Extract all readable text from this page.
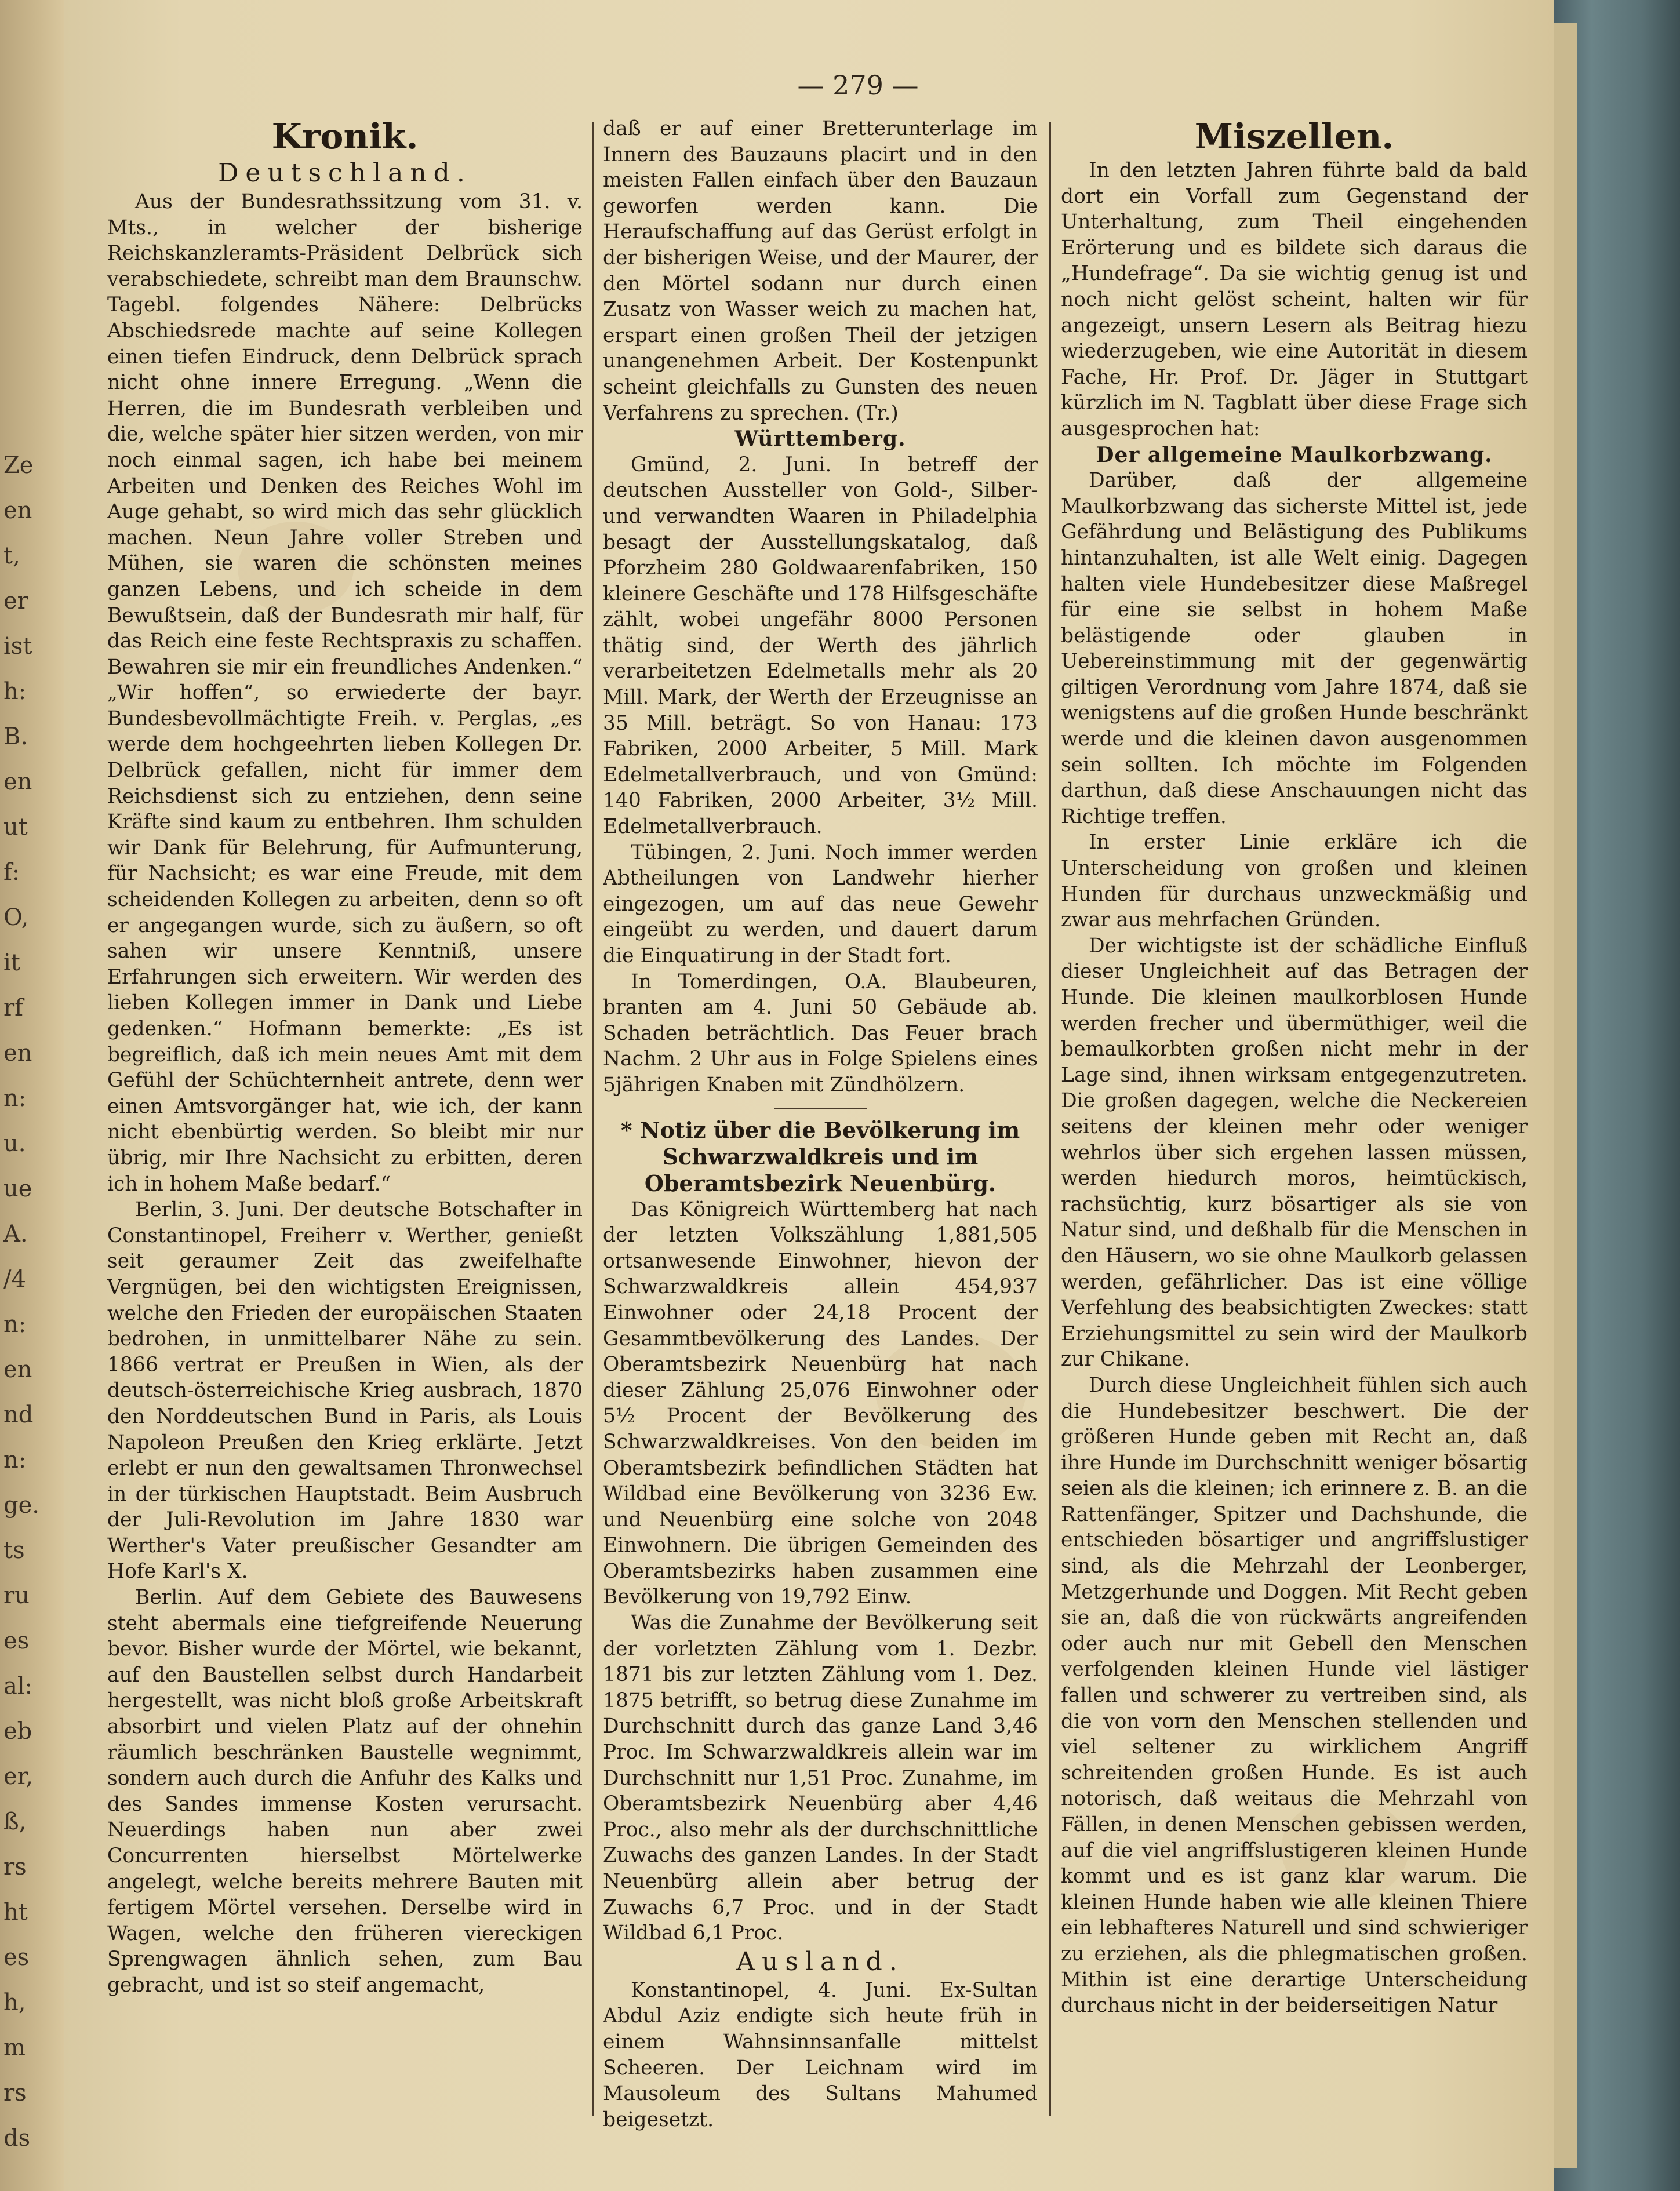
Ze
en
t,
er
ist
h:
B.
en
ut
f:
O,
it
rf
en
n:
u.
ue
A.
/4
n:
en
nd
n:
ge.
ts
ru
es
al:
eb
er,
ß,
rs
ht
es
h,
m
rs
ds
— 279 —
Kronik.
Deutschland.

Aus der Bundesrathssitzung vom 31. v. Mts., in welcher der bisherige Reichskanzleramts-Präsident Delbrück sich verabschiedete, schreibt man dem Braunschw. Tagebl. folgendes Nähere: Delbrücks Abschiedsrede machte auf seine Kollegen einen tiefen Eindruck, denn Delbrück sprach nicht ohne innere Erregung. „Wenn die Herren, die im Bundesrath verbleiben und die, welche später hier sitzen werden, von mir noch einmal sagen, ich habe bei meinem Arbeiten und Denken des Reiches Wohl im Auge gehabt, so wird mich das sehr glücklich machen. Neun Jahre voller Streben und Mühen, sie waren die schönsten meines ganzen Lebens, und ich scheide in dem Bewußtsein, daß der Bundesrath mir half, für das Reich eine feste Rechtspraxis zu schaffen. Bewahren sie mir ein freundliches Andenken.“ „Wir hoffen“, so erwiederte der bayr. Bundesbevollmächtigte Freih. v. Perglas, „es werde dem hochgeehrten lieben Kollegen Dr. Delbrück gefallen, nicht für immer dem Reichsdienst sich zu entziehen, denn seine Kräfte sind kaum zu entbehren. Ihm schulden wir Dank für Belehrung, für Aufmunterung, für Nachsicht; es war eine Freude, mit dem scheidenden Kollegen zu arbeiten, denn so oft er angegangen wurde, sich zu äußern, so oft sahen wir unsere Kenntniß, unsere Erfahrungen sich erweitern. Wir werden des lieben Kollegen immer in Dank und Liebe gedenken.“ Hofmann bemerkte: „Es ist begreiflich, daß ich mein neues Amt mit dem Gefühl der Schüchternheit antrete, denn wer einen Amtsvorgänger hat, wie ich, der kann nicht ebenbürtig werden. So bleibt mir nur übrig, mir Ihre Nachsicht zu erbitten, deren ich in hohem Maße bedarf.“

Berlin, 3. Juni. Der deutsche Botschafter in Constantinopel, Freiherr v. Werther, genießt seit geraumer Zeit das zweifelhafte Vergnügen, bei den wichtigsten Ereignissen, welche den Frieden der europäischen Staaten bedrohen, in unmittelbarer Nähe zu sein. 1866 vertrat er Preußen in Wien, als der deutsch-österreichische Krieg ausbrach, 1870 den Norddeutschen Bund in Paris, als Louis Napoleon Preußen den Krieg erklärte. Jetzt erlebt er nun den gewaltsamen Thronwechsel in der türkischen Hauptstadt. Beim Ausbruch der Juli-Revolution im Jahre 1830 war Werther's Vater preußischer Gesandter am Hofe Karl's X.

Berlin. Auf dem Gebiete des Bauwesens steht abermals eine tiefgreifende Neuerung bevor. Bisher wurde der Mörtel, wie bekannt, auf den Baustellen selbst durch Handarbeit hergestellt, was nicht bloß große Arbeitskraft absorbirt und vielen Platz auf der ohnehin räumlich beschränken Baustelle wegnimmt, sondern auch durch die Anfuhr des Kalks und des Sandes immense Kosten verursacht. Neuerdings haben nun aber zwei Concurrenten hierselbst Mörtelwerke angelegt, welche bereits mehrere Bauten mit fertigem Mörtel versehen. Derselbe wird in Wagen, welche den früheren viereckigen Sprengwagen ähnlich sehen, zum Bau gebracht, und ist so steif angemacht,

daß er auf einer Bretterunterlage im Innern des Bauzauns placirt und in den meisten Fallen einfach über den Bauzaun geworfen werden kann. Die Heraufschaffung auf das Gerüst erfolgt in der bisherigen Weise, und der Maurer, der den Mörtel sodann nur durch einen Zusatz von Wasser weich zu machen hat, erspart einen großen Theil der jetzigen unangenehmen Arbeit. Der Kostenpunkt scheint gleichfalls zu Gunsten des neuen Verfahrens zu sprechen. (Tr.)

Württemberg.

Gmünd, 2. Juni. In betreff der deutschen Aussteller von Gold-, Silber- und verwandten Waaren in Philadelphia besagt der Ausstellungskatalog, daß Pforzheim 280 Goldwaarenfabriken, 150 kleinere Geschäfte und 178 Hilfsgeschäfte zählt, wobei ungefähr 8000 Personen thätig sind, der Werth des jährlich verarbeitetzen Edelmetalls mehr als 20 Mill. Mark, der Werth der Erzeugnisse an 35 Mill. beträgt. So von Hanau: 173 Fabriken, 2000 Arbeiter, 5 Mill. Mark Edelmetallverbrauch, und von Gmünd: 140 Fabriken, 2000 Arbeiter, 3½ Mill. Edelmetallverbrauch.

Tübingen, 2. Juni. Noch immer werden Abtheilungen von Landwehr hierher eingezogen, um auf das neue Gewehr eingeübt zu werden, und dauert darum die Einquatirung in der Stadt fort.

In Tomerdingen, O.A. Blaubeuren, branten am 4. Juni 50 Gebäude ab. Schaden beträchtlich. Das Feuer brach Nachm. 2 Uhr aus in Folge Spielens eines 5jährigen Knaben mit Zündhölzern.

* Notiz über die Bevölkerung im Schwarzwaldkreis und im Oberamtsbezirk Neuenbürg.

Das Königreich Württemberg hat nach der letzten Volkszählung 1,881,505 ortsanwesende Einwohner, hievon der Schwarzwaldkreis allein 454,937 Einwohner oder 24,18 Procent der Gesammtbevölkerung des Landes. Der Oberamtsbezirk Neuenbürg hat nach dieser Zählung 25,076 Einwohner oder 5½ Procent der Bevölkerung des Schwarzwaldkreises. Von den beiden im Oberamtsbezirk befindlichen Städten hat Wildbad eine Bevölkerung von 3236 Ew. und Neuenbürg eine solche von 2048 Einwohnern. Die übrigen Gemeinden des Oberamtsbezirks haben zusammen eine Bevölkerung von 19,792 Einw.

Was die Zunahme der Bevölkerung seit der vorletzten Zählung vom 1. Dezbr. 1871 bis zur letzten Zählung vom 1. Dez. 1875 betrifft, so betrug diese Zunahme im Durchschnitt durch das ganze Land 3,46 Proc. Im Schwarzwaldkreis allein war im Durchschnitt nur 1,51 Proc. Zunahme, im Oberamtsbezirk Neuenbürg aber 4,46 Proc., also mehr als der durchschnittliche Zuwachs des ganzen Landes. In der Stadt Neuenbürg allein aber betrug der Zuwachs 6,7 Proc. und in der Stadt Wildbad 6,1 Proc.

Ausland.

Konstantinopel, 4. Juni. Ex-Sultan Abdul Aziz endigte sich heute früh in einem Wahnsinnsanfalle mittelst Scheeren. Der Leichnam wird im Mausoleum des Sultans Mahumed beigesetzt.

Miszellen.

In den letzten Jahren führte bald da bald dort ein Vorfall zum Gegenstand der Unterhaltung, zum Theil eingehenden Erörterung und es bildete sich daraus die „Hundefrage“. Da sie wichtig genug ist und noch nicht gelöst scheint, halten wir für angezeigt, unsern Lesern als Beitrag hiezu wiederzugeben, wie eine Autorität in diesem Fache, Hr. Prof. Dr. Jäger in Stuttgart kürzlich im N. Tagblatt über diese Frage sich ausgesprochen hat:

Der allgemeine Maulkorbzwang.

Darüber, daß der allgemeine Maulkorbzwang das sicherste Mittel ist, jede Gefährdung und Belästigung des Publikums hintanzuhalten, ist alle Welt einig. Dagegen halten viele Hundebesitzer diese Maßregel für eine sie selbst in hohem Maße belästigende oder glauben in Uebereinstimmung mit der gegenwärtig giltigen Verordnung vom Jahre 1874, daß sie wenigstens auf die großen Hunde beschränkt werde und die kleinen davon ausgenommen sein sollten. Ich möchte im Folgenden darthun, daß diese Anschauungen nicht das Richtige treffen.

In erster Linie erkläre ich die Unterscheidung von großen und kleinen Hunden für durchaus unzweckmäßig und zwar aus mehrfachen Gründen.

Der wichtigste ist der schädliche Einfluß dieser Ungleichheit auf das Betragen der Hunde. Die kleinen maulkorblosen Hunde werden frecher und übermüthiger, weil die bemaulkorbten großen nicht mehr in der Lage sind, ihnen wirksam entgegenzutreten. Die großen dagegen, welche die Neckereien seitens der kleinen mehr oder weniger wehrlos über sich ergehen lassen müssen, werden hiedurch moros, heimtückisch, rachsüchtig, kurz bösartiger als sie von Natur sind, und deßhalb für die Menschen in den Häusern, wo sie ohne Maulkorb gelassen werden, gefährlicher. Das ist eine völlige Verfehlung des beabsichtigten Zweckes: statt Erziehungsmittel zu sein wird der Maulkorb zur Chikane.

Durch diese Ungleichheit fühlen sich auch die Hundebesitzer beschwert. Die der größeren Hunde geben mit Recht an, daß ihre Hunde im Durchschnitt weniger bösartig seien als die kleinen; ich erinnere z. B. an die Rattenfänger, Spitzer und Dachshunde, die entschieden bösartiger und angriffslustiger sind, als die Mehrzahl der Leonberger, Metzgerhunde und Doggen. Mit Recht geben sie an, daß die von rückwärts angreifenden oder auch nur mit Gebell den Menschen verfolgenden kleinen Hunde viel lästiger fallen und schwerer zu vertreiben sind, als die von vorn den Menschen stellenden und viel seltener zu wirklichem Angriff schreitenden großen Hunde. Es ist auch notorisch, daß weitaus die Mehrzahl von Fällen, in denen Menschen gebissen werden, auf die viel angriffslustigeren kleinen Hunde kommt und es ist ganz klar warum. Die kleinen Hunde haben wie alle kleinen Thiere ein lebhafteres Naturell und sind schwieriger zu erziehen, als die phlegmatischen großen. Mithin ist eine derartige Unterscheidung durchaus nicht in der beiderseitigen Natur
